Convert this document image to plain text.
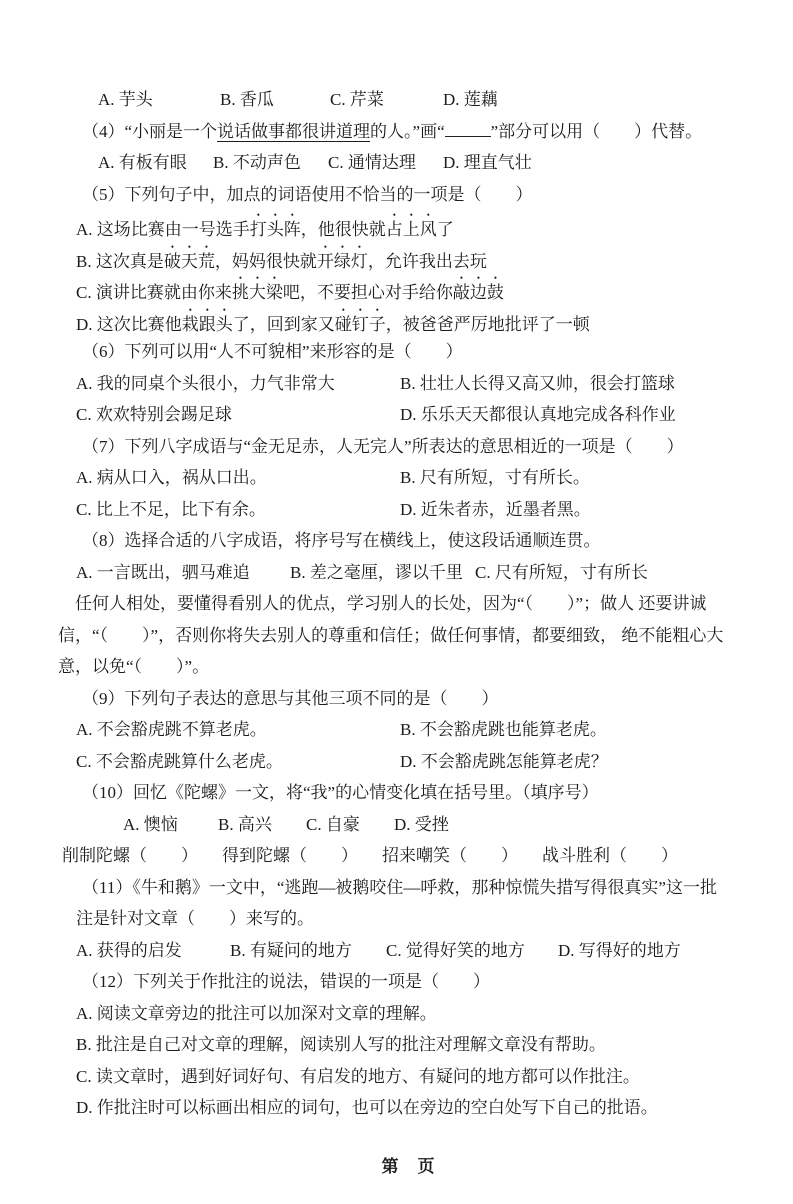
A. 芋头	B. 香瓜	C. 芹菜	D. 莲藕
（4）“小丽是一个说话做事都很讲道理的人。”画“	”部分可以用（　　）代替。
A. 有板有眼 B. 不动声色 C. 通情达理 D. 理直气壮
（5）下列句子中，加点的词语使用不恰当的一项是（　　）
A. 这场比赛由一号选手打头阵，他很快就占上风了
B. 这次真是破天荒，妈妈很快就开绿灯，允许我出去玩
C. 演讲比赛就由你来挑大梁吧，不要担心对手给你敲边鼓
D. 这次比赛他栽跟头了，回到家又碰钉子，被爸爸严厉地批评了一顿
（6）下列可以用“人不可貌相”来形容的是（　　）
A. 我的同桌个头很小，力气非常大	B. 壮壮人长得又高又帅，很会打篮球
C. 欢欢特别会踢足球	D. 乐乐天天都很认真地完成各科作业
（7）下列八字成语与“金无足赤，人无完人”所表达的意思相近的一项是（　　）
A. 病从口入，祸从口出。	B. 尺有所短，寸有所长。
C. 比上不足，比下有余。	D. 近朱者赤，近墨者黑。
（8）选择合适的八字成语，将序号写在横线上，使这段话通顺连贯。
A. 一言既出，驷马难追 B. 差之毫厘，谬以千里 C. 尺有所短，寸有所长
任何人相处，要懂得看别人的优点，学习别人的长处，因为“（　　）”；做人 还要讲诚
信，“（　　）”，否则你将失去别人的尊重和信任；做任何事情，都要细致， 绝不能粗心大
意，以免“（　　）”。
（9）下列句子表达的意思与其他三项不同的是（　　）
A. 不会豁虎跳不算老虎。	B. 不会豁虎跳也能算老虎。
C. 不会豁虎跳算什么老虎。	D. 不会豁虎跳怎能算老虎？
（10）回忆《陀螺》一文，将“我”的心情变化填在括号里。（填序号）
A. 懊恼 B. 高兴 C. 自豪 D. 受挫
削制陀螺（　　） 得到陀螺（　　） 招来嘲笑（　　） 战斗胜利（　　）
（11）《牛和鹅》一文中，“逃跑—被鹅咬住—呼救，那种惊慌失措写得很真实”这一批
注是针对文章（　　）来写的。
A. 获得的启发	B. 有疑问的地方 C. 觉得好笑的地方 D. 写得好的地方
（12）下列关于作批注的说法，错误的一项是（　　）
A. 阅读文章旁边的批注可以加深对文章的理解。
B. 批注是自己对文章的理解，阅读别人写的批注对理解文章没有帮助。
C. 读文章时，遇到好词好句、有启发的地方、有疑问的地方都可以作批注。
D. 作批注时可以标画出相应的词句，也可以在旁边的空白处写下自己的批语。
第　页
